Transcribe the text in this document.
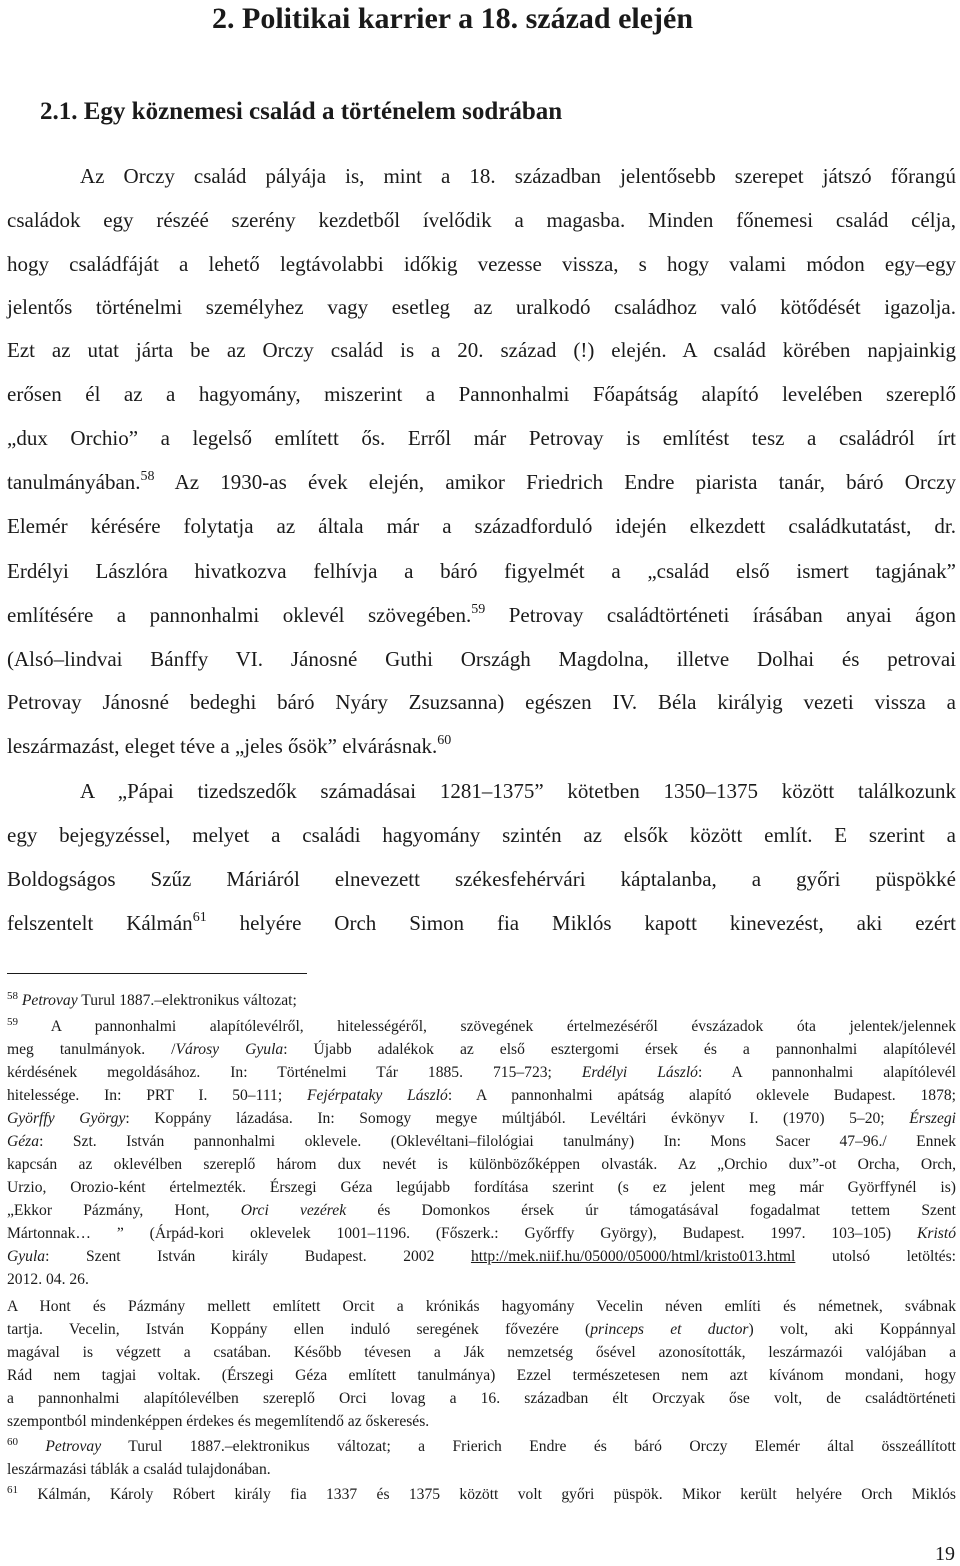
2. Politikai karrier a 18. század elején
2.1. Egy köznemesi család a történelem sodrában
Az Orczy család pályája is, mint a 18. században jelentősebb szerepet játszó főrangú
családok egy részéé szerény kezdetből ívelődik a magasba. Minden főnemesi család célja,
hogy családfáját a lehető legtávolabbi időkig vezesse vissza, s hogy valami módon egy–egy
jelentős történelmi személyhez vagy esetleg az uralkodó családhoz való kötődését igazolja.
Ezt az utat járta be az Orczy család is a 20. század (!) elején. A család körében napjainkig
erősen él az a hagyomány, miszerint a Pannonhalmi Főapátság alapító levelében szereplő
„dux Orchio” a legelső említett ős. Erről már Petrovay is említést tesz a családról írt
tanulmányában.$^{58}$ Az 1930-as évek elején, amikor Friedrich Endre piarista tanár, báró Orczy
Elemér kérésére folytatja az általa már a századforduló idején elkezdett családkutatást, dr.
Erdélyi Lászlóra hivatkozva felhívja a báró figyelmét a „család első ismert tagjának”
említésére a pannonhalmi oklevél szövegében.$^{59}$ Petrovay családtörténeti írásában anyai ágon
(Alsó–lindvai Bánffy VI. Jánosné Guthi Országh Magdolna, illetve Dolhai és petrovai
Petrovay Jánosné bedeghi báró Nyáry Zsuzsanna) egészen IV. Béla királyig vezeti vissza a
leszármazást, eleget téve a „jeles ősök” elvárásnak.$^{60}$
A „Pápai tizedszedők számadásai 1281–1375” kötetben 1350–1375 között találkozunk
egy bejegyzéssel, melyet a családi hagyomány szintén az elsők között említ. E szerint a
Boldogságos Szűz Máriáról elnevezett székesfehérvári káptalanba, a győri püspökké
felszentelt Kálmán$^{61}$ helyére Orch Simon fia Miklós kapott kinevezést, aki ezért
$^{58}$ Petrovay Turul 1887.–elektronikus változat;
$^{59}$ A pannonhalmi alapítólevélről, hitelességéről, szövegének értelmezéséről évszázadok óta jelentek/jelennek
meg tanulmányok. /Városy Gyula: Újabb adalékok az első esztergomi érsek és a pannonhalmi alapítólevél
kérdésének megoldásához. In: Történelmi Tár 1885. 715–723; Erdélyi László: A pannonhalmi alapítólevél
hitelessége. In: PRT I. 50–111; Fejérpataky László: A pannonhalmi apátság alapító oklevele Budapest. 1878;
Györffy György: Koppány lázadása. In: Somogy megye múltjából. Levéltári évkönyv I. (1970) 5–20; Érszegi
Géza: Szt. István pannonhalmi oklevele. (Oklevéltani–filológiai tanulmány) In: Mons Sacer 47–96./ Ennek
kapcsán az oklevélben szereplő három dux nevét is különbözőképpen olvasták. Az „Orchio dux”-ot Orcha, Orch,
Urzio, Orozio-ként értelmezték. Érszegi Géza legújabb fordítása szerint (s ez jelent meg már Györffynél is)
„Ekkor Pázmány, Hont, Orci vezérek és Domonkos érsek úr támogatásával fogadalmat tettem Szent
Mártonnak… ” (Árpád-kori oklevelek 1001–1196. (Főszerk.: Győrffy György), Budapest. 1997. 103–105) Kristó
Gyula: Szent István király Budapest. 2002 http://mek.niif.hu/05000/05000/html/kristo013.html utolsó letöltés:
2012. 04. 26.
A Hont és Pázmány mellett említett Orcit a krónikás hagyomány Vecelin néven említi és németnek, svábnak
tartja. Vecelin, István Koppány ellen induló seregének fővezére (princeps et ductor) volt, aki Koppánnyal
magával is végzett a csatában. Később tévesen a Ják nemzetség ősével azonosították, leszármazói valójában a
Rád nem tagjai voltak. (Érszegi Géza említett tanulmánya) Ezzel természetesen nem azt kívánom mondani, hogy
a pannonhalmi alapítólevélben szereplő Orci lovag a 16. században élt Orczyak őse volt, de családtörténeti
szempontból mindenképpen érdekes és megemlítendő az őskeresés.
$^{60}$ Petrovay Turul 1887.–elektronikus változat; a Frierich Endre és báró Orczy Elemér által összeállított
leszármazási táblák a család tulajdonában.
$^{61}$ Kálmán, Károly Róbert király fia 1337 és 1375 között volt győri püspök. Mikor került helyére Orch Miklós
19
